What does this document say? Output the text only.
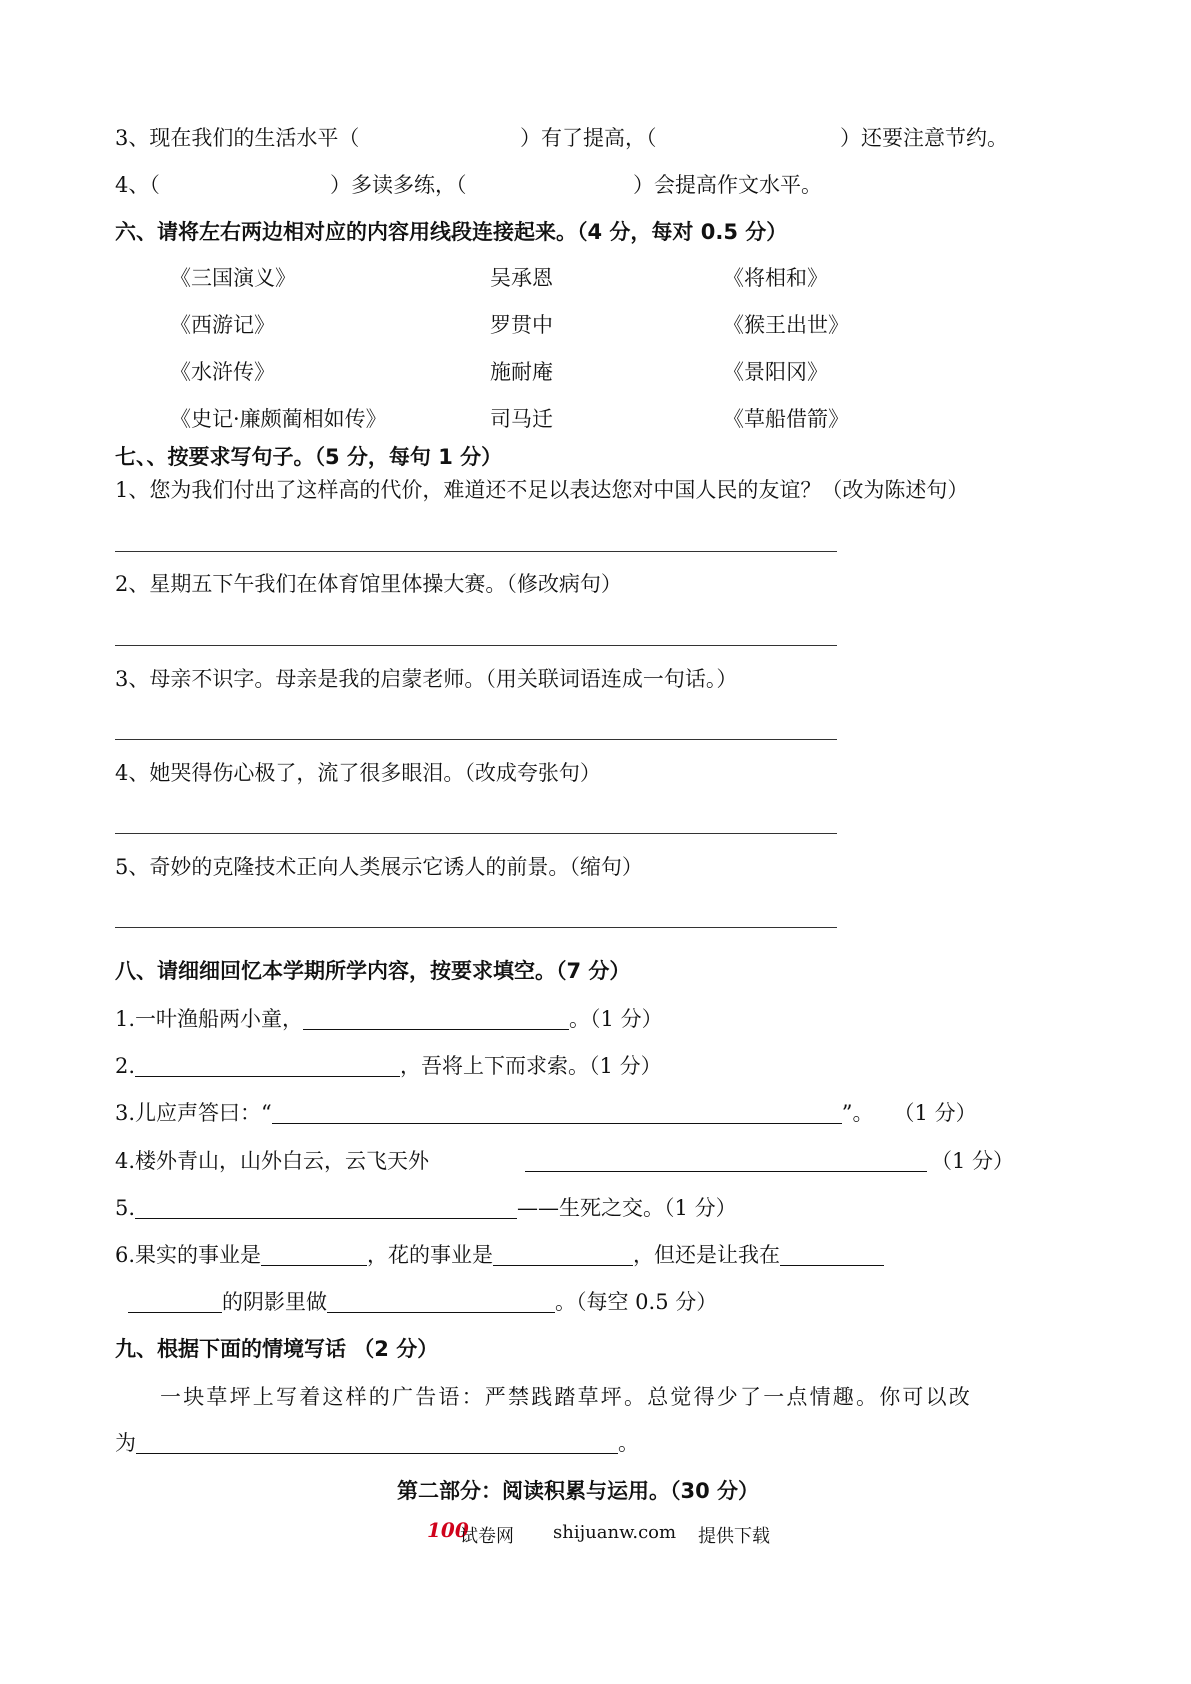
3、现在我们的生活水平（	）有了提高，（	）还要注意节约。
4、（	）多读多练，（	）会提高作文水平。
六、请将左右两边相对应的内容用线段连接起来。（4 分，每对 0.5 分）
《三国演义》	吴承恩	《将相和》
《西游记》	罗贯中	《猴王出世》
《水浒传》	施耐庵	《景阳冈》
《史记·廉颇蔺相如传》	司马迁	《草船借箭》
七、、按要求写句子。（5 分，每句 1 分）
1、您为我们付出了这样高的代价，难道还不足以表达您对中国人民的友谊？（改为陈述句）
2、星期五下午我们在体育馆里体操大赛。（修改病句）
3、母亲不识字。母亲是我的启蒙老师。（用关联词语连成一句话。）
4、她哭得伤心极了，流了很多眼泪。（改成夸张句）
5、奇妙的克隆技术正向人类展示它诱人的前景。（缩句）
八、请细细回忆本学期所学内容，按要求填空。（7 分）
1.一叶渔船两小童，	。（1 分）
2.	，吾将上下而求索。（1 分）
3.儿应声答曰：“	”。 （1 分）
4.楼外青山，山外白云，云飞天外	（1 分）
5.	——生死之交。（1 分）
6.果实的事业是	，花的事业是	，但还是让我在
的阴影里做	。（每空 0.5 分）
九、根据下面的情境写话 （2 分）
一块草坪上写着这样的广告语：严禁践踏草坪。总觉得少了一点情趣。你可以改
为	。
第二部分：阅读积累与运用。（30 分）
100
试卷网 shijuanw.com 提供下载
